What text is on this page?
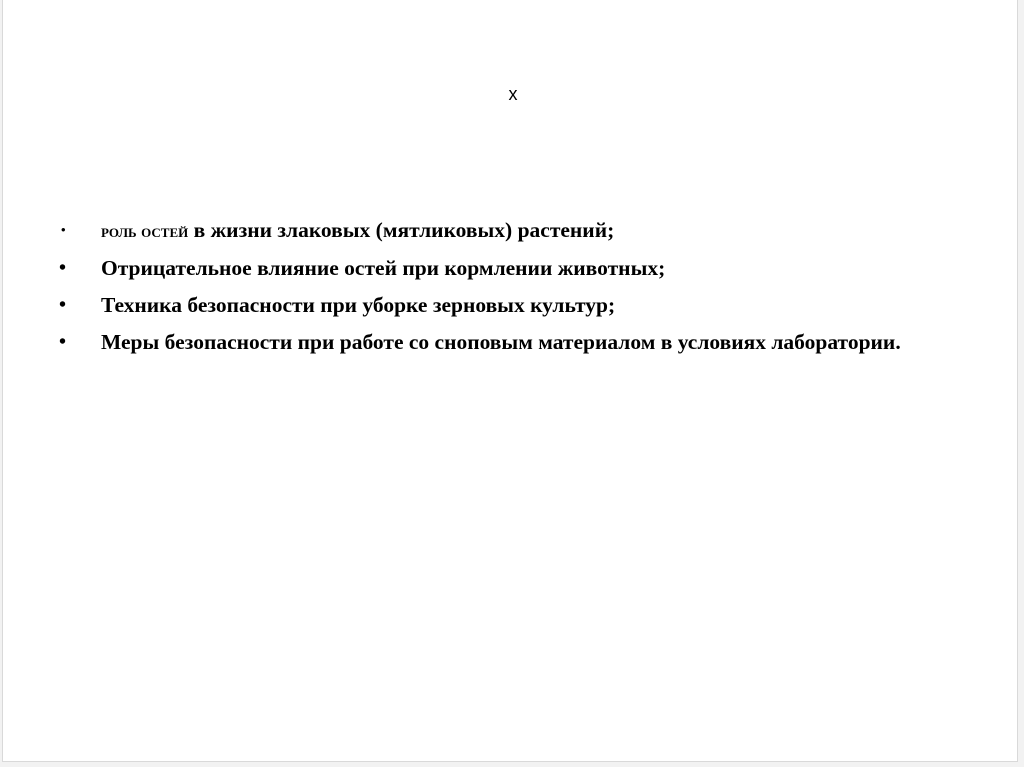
x
• роль остей в жизни злаковых (мятликовых) растений;
• Отрицательное влияние остей при кормлении животных;
• Техника безопасности при уборке зерновых культур;
• Меры безопасности при работе со сноповым материалом в условиях лаборатории.
